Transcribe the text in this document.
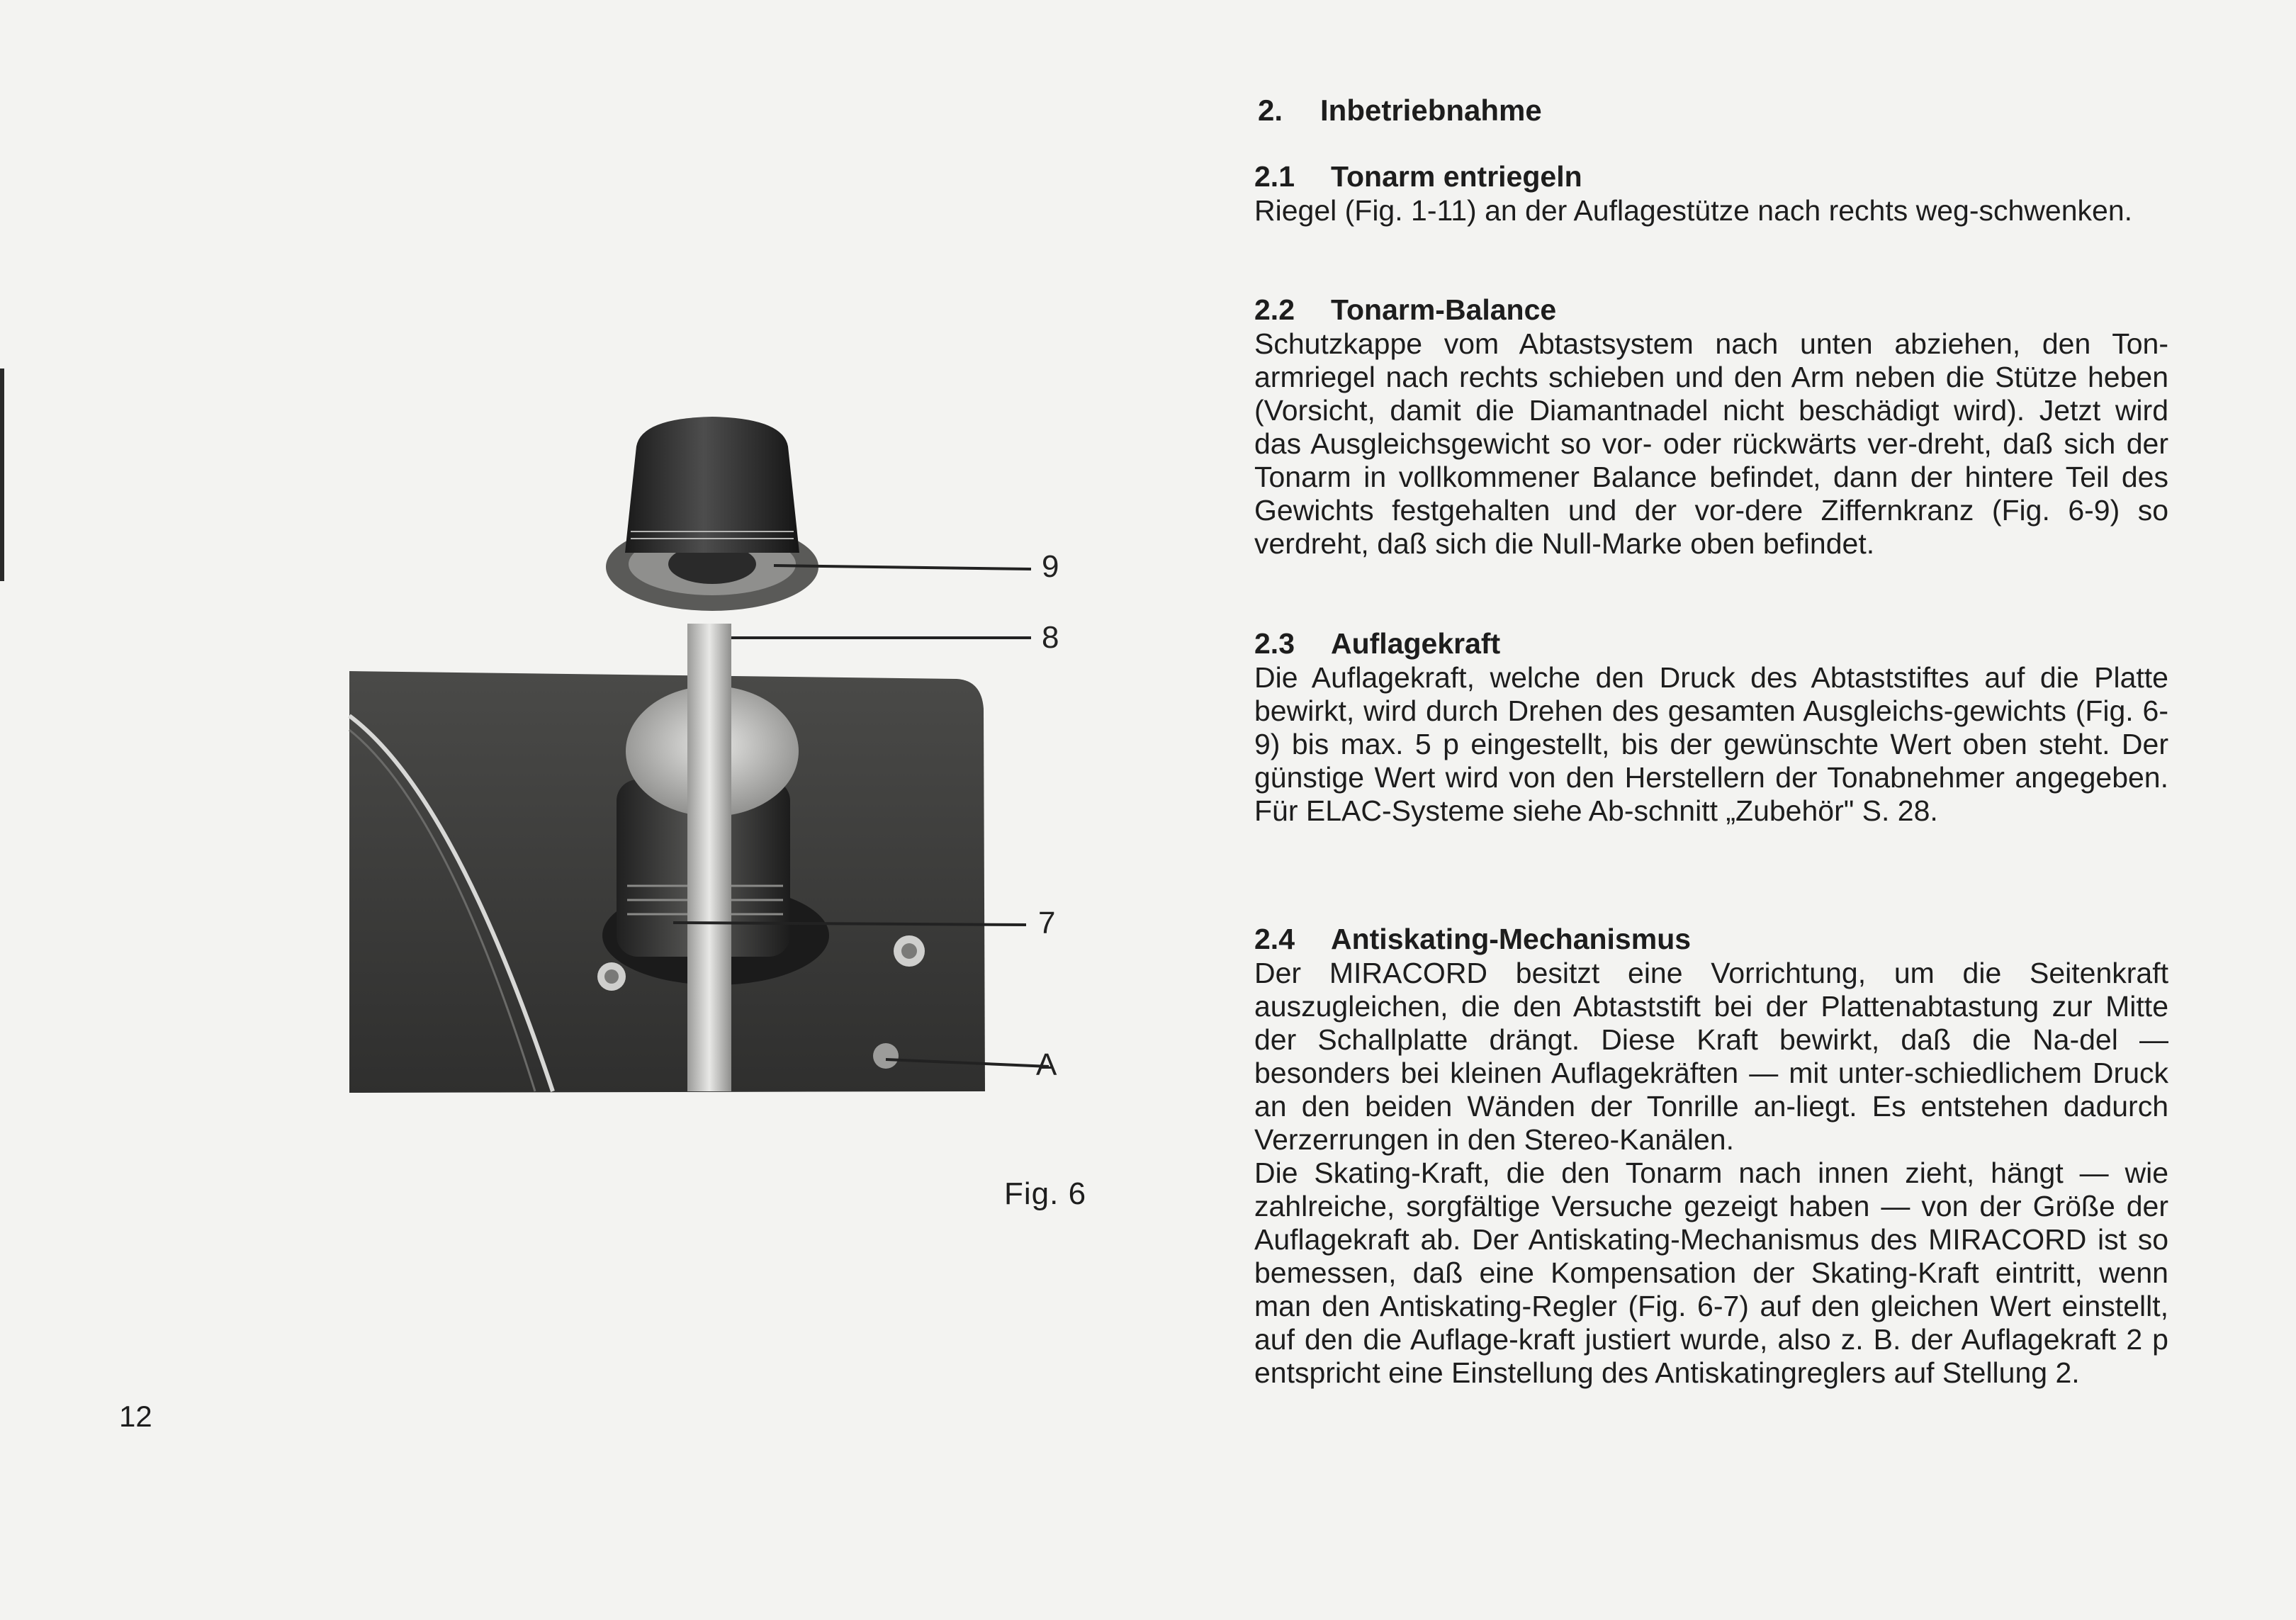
9
8
7
A
Fig. 6
12
2. Inbetriebnahme
2.1 Tonarm entriegeln

Riegel (Fig. 1-11) an der Auflagestütze nach rechts weg-schwenken.

2.2 Tonarm-Balance

Schutzkappe vom Abtastsystem nach unten abziehen, den Ton-armriegel nach rechts schieben und den Arm neben die Stütze heben (Vorsicht, damit die Diamantnadel nicht beschädigt wird). Jetzt wird das Ausgleichsgewicht so vor- oder rückwärts ver-dreht, daß sich der Tonarm in vollkommener Balance befindet, dann der hintere Teil des Gewichts festgehalten und der vor-dere Ziffernkranz (Fig. 6-9) so verdreht, daß sich die Null-Marke oben befindet.

2.3 Auflagekraft

Die Auflagekraft, welche den Druck des Abtaststiftes auf die Platte bewirkt, wird durch Drehen des gesamten Ausgleichs-gewichts (Fig. 6-9) bis max. 5 p eingestellt, bis der gewünschte Wert oben steht. Der günstige Wert wird von den Herstellern der Tonabnehmer angegeben. Für ELAC-Systeme siehe Ab-schnitt „Zubehör" S. 28.

2.4 Antiskating-Mechanismus

Der MIRACORD besitzt eine Vorrichtung, um die Seitenkraft auszugleichen, die den Abtaststift bei der Plattenabtastung zur Mitte der Schallplatte drängt. Diese Kraft bewirkt, daß die Na-del — besonders bei kleinen Auflagekräften — mit unter-schiedlichem Druck an den beiden Wänden der Tonrille an-liegt. Es entstehen dadurch Verzerrungen in den Stereo-Kanälen.

Die Skating-Kraft, die den Tonarm nach innen zieht, hängt — wie zahlreiche, sorgfältige Versuche gezeigt haben — von der Größe der Auflagekraft ab. Der Antiskating-Mechanismus des MIRACORD ist so bemessen, daß eine Kompensation der Skating-Kraft eintritt, wenn man den Antiskating-Regler (Fig. 6-7) auf den gleichen Wert einstellt, auf den die Auflage-kraft justiert wurde, also z. B. der Auflagekraft 2 p entspricht eine Einstellung des Antiskatingreglers auf Stellung 2.
